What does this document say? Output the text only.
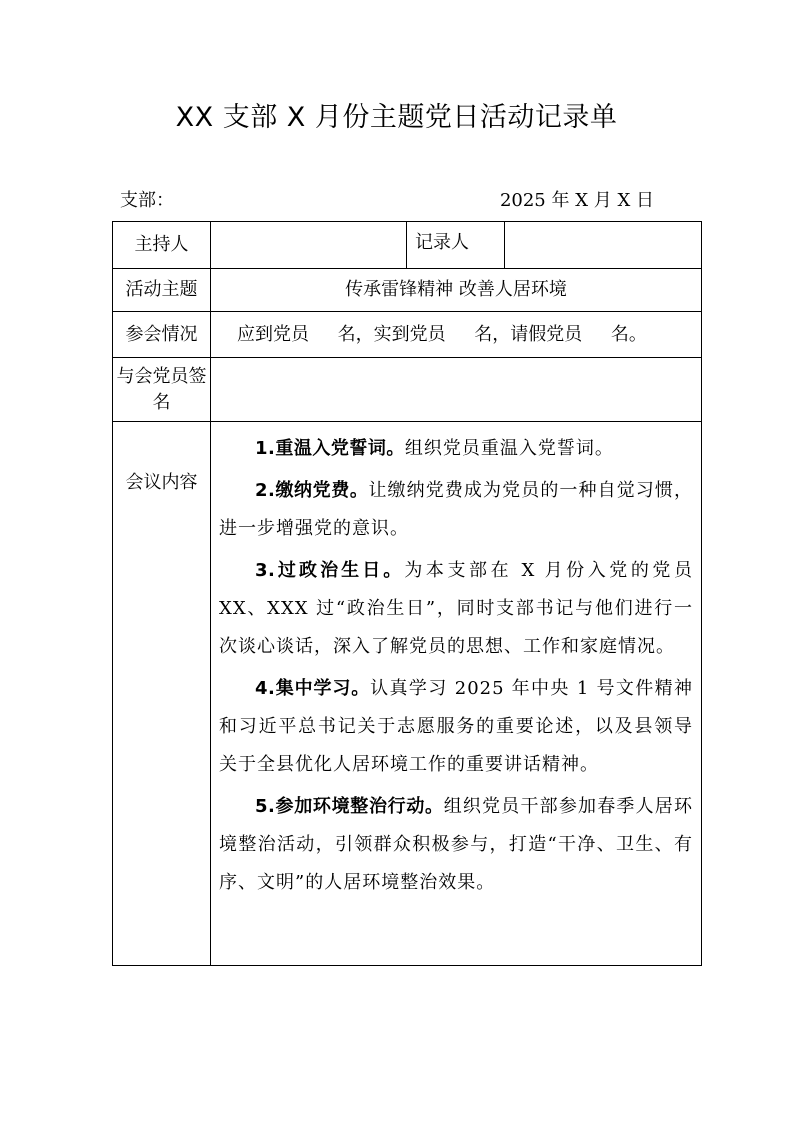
XX 支部 X 月份主题党日活动记录单
支部：	2025 年 X 月 X 日
主持人		记录人	
活动主题	传承雷锋精神 改善人居环境		
参会情况	应到党员     名，实到党员     名，请假党员     名。		
与会党员签名			
会议内容	1.重温入党誓词。组织党员重温入党誓词。

2.缴纳党费。让缴纳党费成为党员的一种自觉习惯，进一步增强党的意识。

3.过政治生日。为本支部在 X 月份入党的党员 XX、XXX 过“政治生日”，同时支部书记与他们进行一次谈心谈话，深入了解党员的思想、工作和家庭情况。

4.集中学习。认真学习 2025 年中央 1 号文件精神和习近平总书记关于志愿服务的重要论述，以及县领导关于全县优化人居环境工作的重要讲话精神。

5.参加环境整治行动。组织党员干部参加春季人居环境整治活动，引领群众积极参与，打造“干净、卫生、有序、文明”的人居环境整治效果。		
